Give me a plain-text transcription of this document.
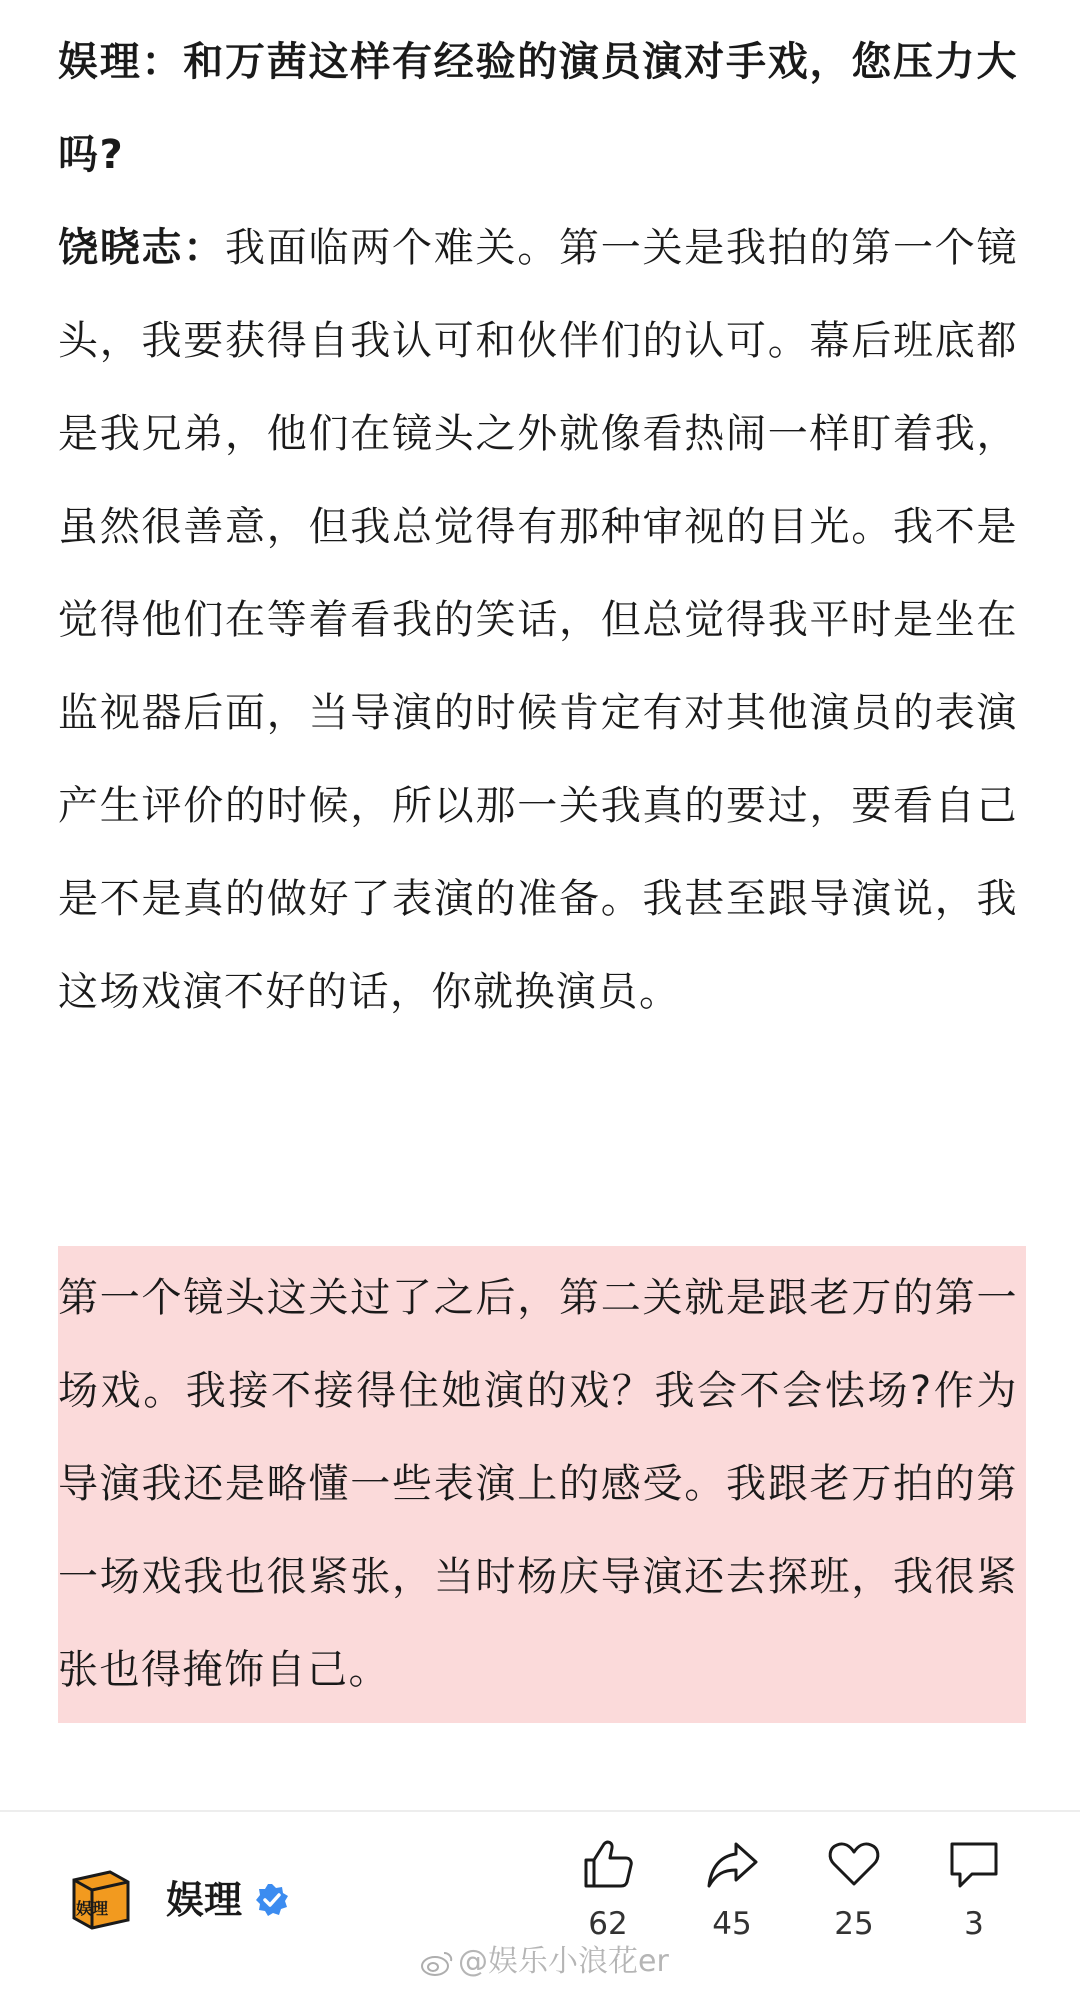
娱理：和万茜这样有经验的演员演对手戏，您压力大吗?

饶晓志：我面临两个难关。第一关是我拍的第一个镜头，我要获得自我认可和伙伴们的认可。幕后班底都是我兄弟，他们在镜头之外就像看热闹一样盯着我，虽然很善意，但我总觉得有那种审视的目光。我不是觉得他们在等着看我的笑话，但总觉得我平时是坐在监视器后面，当导演的时候肯定有对其他演员的表演产生评价的时候，所以那一关我真的要过，要看自己是不是真的做好了表演的准备。我甚至跟导演说，我这场戏演不好的话，你就换演员。

第一个镜头这关过了之后，第二关就是跟老万的第一场戏。我接不接得住她演的戏？我会不会怯场?作为导演我还是略懂一些表演上的感受。我跟老万拍的第一场戏我也很紧张，当时杨庆导演还去探班，我很紧张也得掩饰自己。

娱理 娱理
62	45	25	3
@娱乐小浪花er
